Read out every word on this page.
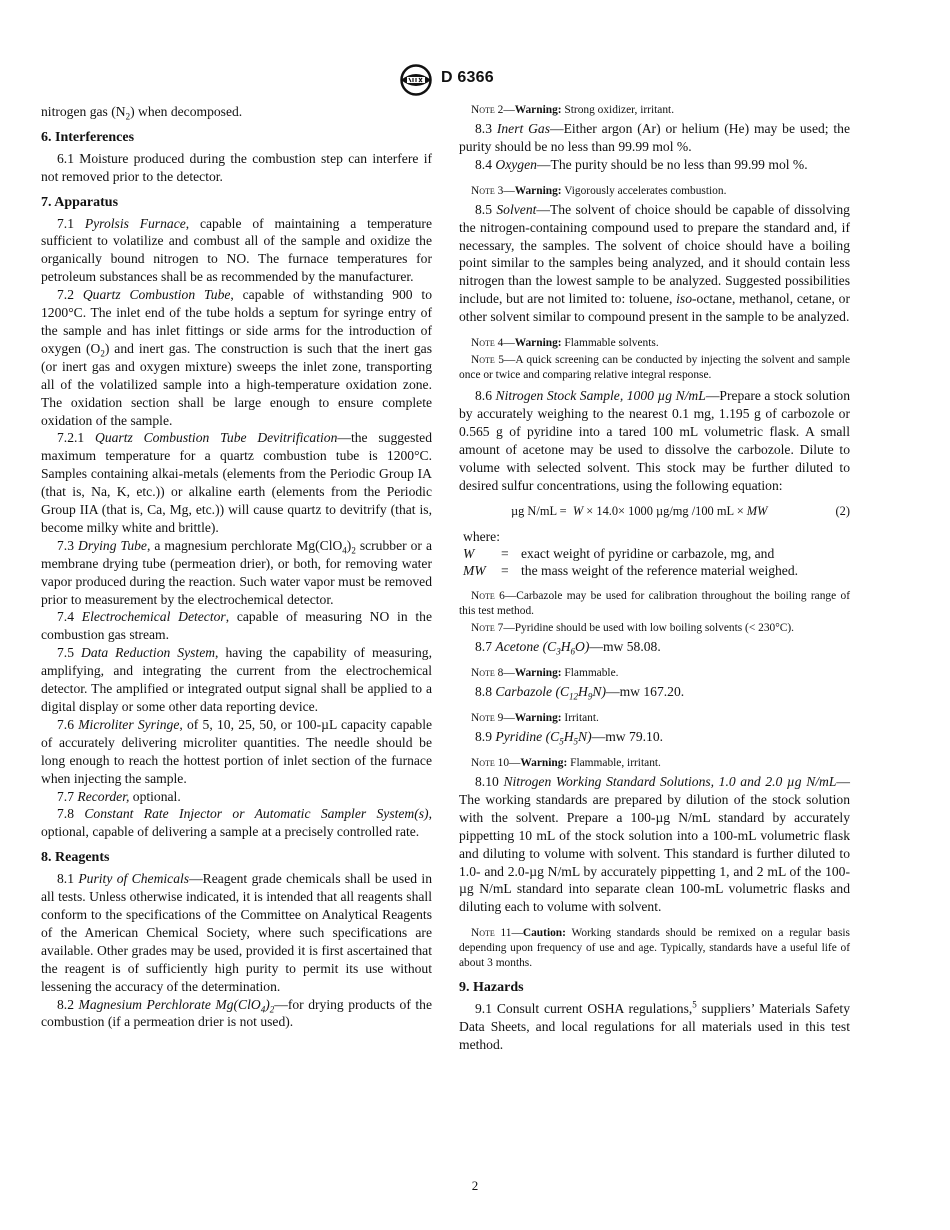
D 6366

nitrogen gas $(N_2)$ when decomposed.

6. Interferences

6.1 Moisture produced during the combustion step can interfere if not removed prior to the detector.

7. Apparatus

7.1 Pyrolsis Furnace, capable of maintaining a temperature sufficient to volatilize and combust all of the sample and oxidize the organically bound nitrogen to NO. The furnace temperatures for petroleum substances shall be as recommended by the manufacturer.

7.2 Quartz Combustion Tube, capable of withstanding 900 to 1200°C. The inlet end of the tube holds a septum for syringe entry of the sample and has inlet fittings or side arms for the introduction of oxygen $(O_2)$ and inert gas. The construction is such that the inert gas (or inert gas and oxygen mixture) sweeps the inlet zone, transporting all of the volatilized sample into a high-temperature oxidation zone. The oxidation section shall be large enough to ensure complete oxidation of the sample.

7.2.1 Quartz Combustion Tube Devitrification—the suggested maximum temperature for a quartz combustion tube is 1200°C. Samples containing alkai-metals (elements from the Periodic Group IA (that is, Na, K, etc.)) or alkaline earth (elements from the Periodic Group IIA (that is, Ca, Mg, etc.)) will cause quartz to devitrify (that is, become milky white and brittle).

7.3 Drying Tube, a magnesium perchlorate $Mg(ClO_4)_2$ scrubber or a membrane drying tube (permeation drier), or both, for removing water vapor produced during the reaction. Such water vapor must be removed prior to measurement by the electrochemical detector.

7.4 Electrochemical Detector, capable of measuring NO in the combustion gas stream.

7.5 Data Reduction System, having the capability of measuring, amplifying, and integrating the current from the electrochemical detector. The amplified or integrated output signal shall be applied to a digital display or some other data reporting device.

7.6 Microliter Syringe, of 5, 10, 25, 50, or 100-µL capacity capable of accurately delivering microliter quantities. The needle should be long enough to reach the hottest portion of inlet section of the furnace when injecting the sample.

7.7 Recorder, optional.

7.8 Constant Rate Injector or Automatic Sampler System(s), optional, capable of delivering a sample at a precisely controlled rate.

8. Reagents

8.1 Purity of Chemicals—Reagent grade chemicals shall be used in all tests. Unless otherwise indicated, it is intended that all reagents shall conform to the specifications of the Committee on Analytical Reagents of the American Chemical Society, where such specifications are available. Other grades may be used, provided it is first ascertained that the reagent is of sufficiently high purity to permit its use without lessening the accuracy of the determination.

8.2 Magnesium Perchlorate $Mg(ClO_4)_2—for$ drying products of the combustion (if a permeation drier is not used).

Note 2—Warning: Strong oxidizer, irritant.

8.3 Inert Gas—Either argon (Ar) or helium (He) may be used; the purity should be no less than 99.99 mol %.

8.4 Oxygen—The purity should be no less than 99.99 mol %.

Note 3—Warning: Vigorously accelerates combustion.

8.5 Solvent—The solvent of choice should be capable of dissolving the nitrogen-containing compound used to prepare the standard and, if necessary, the samples. The solvent of choice should have a boiling point similar to the samples being analyzed, and it should contain less nitrogen than the lowest sample to be analyzed. Suggested possibilities include, but are not limited to: toluene, iso-octane, methanol, cetane, or other solvent similar to compound present in the sample to be analyzed.

Note 4—Warning: Flammable solvents.

Note 5—A quick screening can be conducted by injecting the solvent and sample once or twice and comparing relative integral response.

8.6 Nitrogen Stock Sample, 1000 µg N/mL—Prepare a stock solution by accurately weighing to the nearest 0.1 mg, 1.195 g of carbozole or 0.565 g of pyridine into a tared 100 mL volumetric flask. A small amount of acetone may be used to dissolve the carbozole. Dilute to volume with selected solvent. This stock may be further diluted to desired sulfur concentrations, using the following equation:

µg N/mL = W × 14.0× 1000 µg/mg /100 mL × MW	(2)

where:

W	= exact weight of pyridine or carbazole, mg, and
MW	= the mass weight of the reference material weighed.

Note 6—Carbazole may be used for calibration throughout the boiling range of this test method.

Note 7—Pyridine should be used with low boiling solvents (< 230°C).

8.7 Acetone $(C_3H_6O)—mw$ 58.08.

Note 8—Warning: Flammable.

8.8 Carbazole $(C_{12}H_9N)—mw$ 167.20.

Note 9—Warning: Irritant.

8.9 Pyridine $(C_5H_5N)—mw$ 79.10.

Note 10—Warning: Flammable, irritant.

8.10 Nitrogen Working Standard Solutions, 1.0 and 2.0 µg N/mL—The working standards are prepared by dilution of the stock solution with the solvent. Prepare a 100-µg N/mL standard by accurately pippetting 10 mL of the stock solution into a 100-mL volumetric flask and diluting to volume with solvent. This standard is further diluted to 1.0- and 2.0-µg N/mL by accurately pippetting 1, and 2 mL of the 100-µg N/mL standard into separate clean 100-mL volumetric flasks and diluting each to volume with solvent.

Note 11—Caution: Working standards should be remixed on a regular basis depending upon frequency of use and age. Typically, standards have a useful life of about 3 months.

9. Hazards

9.1 Consult current OSHA regulations,$^5$ suppliers’ Materials Safety Data Sheets, and local regulations for all materials used in this test method.

2
